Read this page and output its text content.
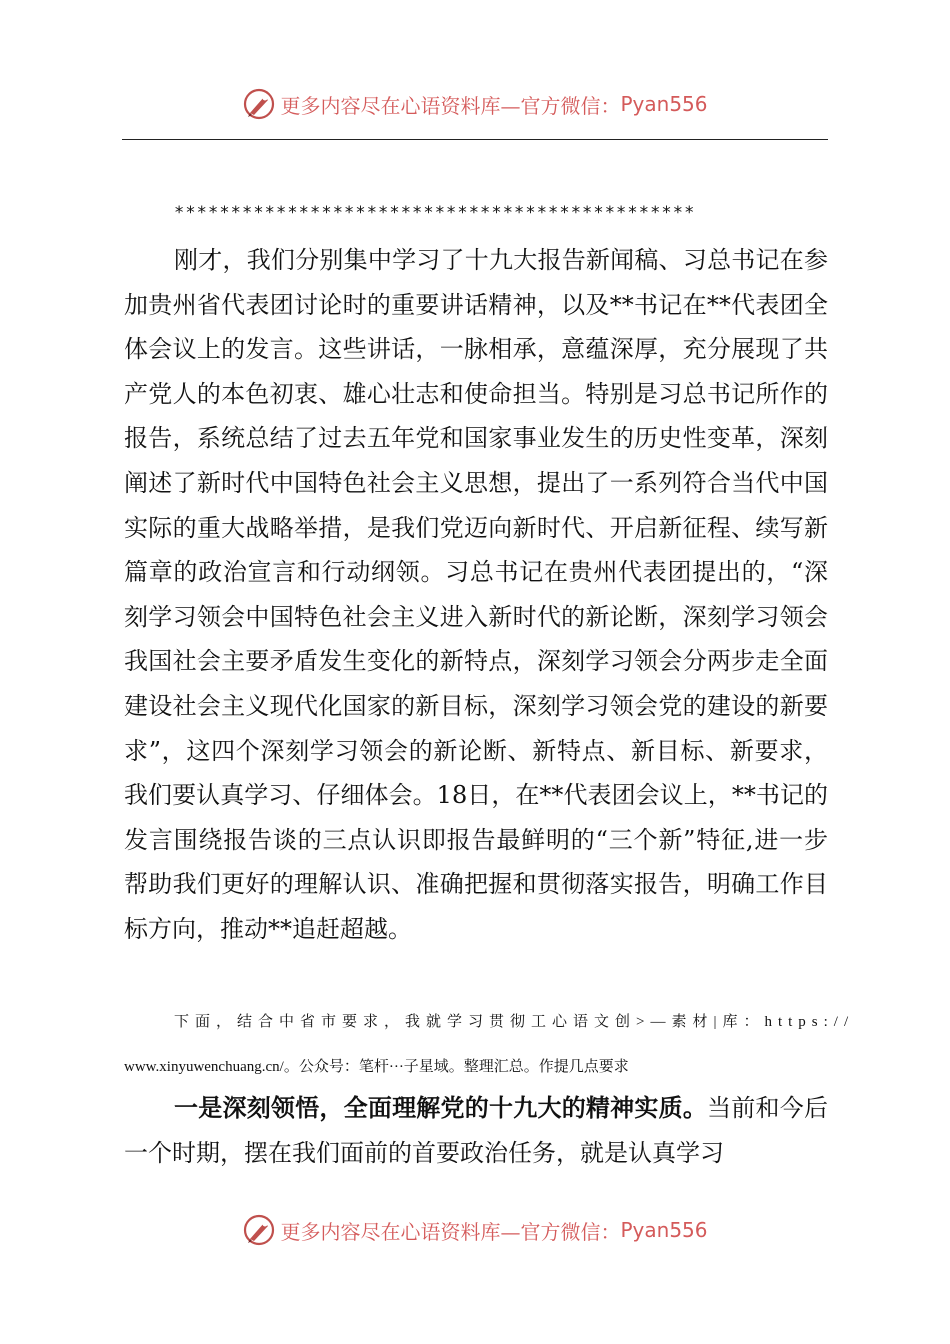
更多内容尽在心语资料库—官方微信： Pyan556
**********************************************

刚才，我们分别集中学习了十九大报告新闻稿、习总书记在参加贵州省代表团讨论时的重要讲话精神，以及**书记在**代表团全体会议上的发言。这些讲话，一脉相承，意蕴深厚，充分展现了共产党人的本色初衷、雄心壮志和使命担当。特别是习总书记所作的报告，系统总结了过去五年党和国家事业发生的历史性变革，深刻阐述了新时代中国特色社会主义思想，提出了一系列符合当代中国实际的重大战略举措，是我们党迈向新时代、开启新征程、续写新篇章的政治宣言和行动纲领。习总书记在贵州代表团提出的，“深刻学习领会中国特色社会主义进入新时代的新论断，深刻学习领会我国社会主要矛盾发生变化的新特点，深刻学习领会分两步走全面建设社会主义现代化国家的新目标，深刻学习领会党的建设的新要求”，这四个深刻学习领会的新论断、新特点、新目标、新要求，我们要认真学习、仔细体会。18日，在**代表团会议上，**书记的发言围绕报告谈的三点认识即报告最鲜明的“三个新”特征,进一步帮助我们更好的理解认识、准确把握和贯彻落实报告，明确工作目标方向，推动**追赶超越。

下面，结合中省市要求，我就学习贯彻工心语文创>—素材|库：https://
www.xinyuwenchuang.cn/。公众号：笔杆···子星域。整理汇总。作提几点要求

一是深刻领悟，全面理解党的十九大的精神实质。当前和今后一个时期，摆在我们面前的首要政治任务，就是认真学习

更多内容尽在心语资料库—官方微信： Pyan556
